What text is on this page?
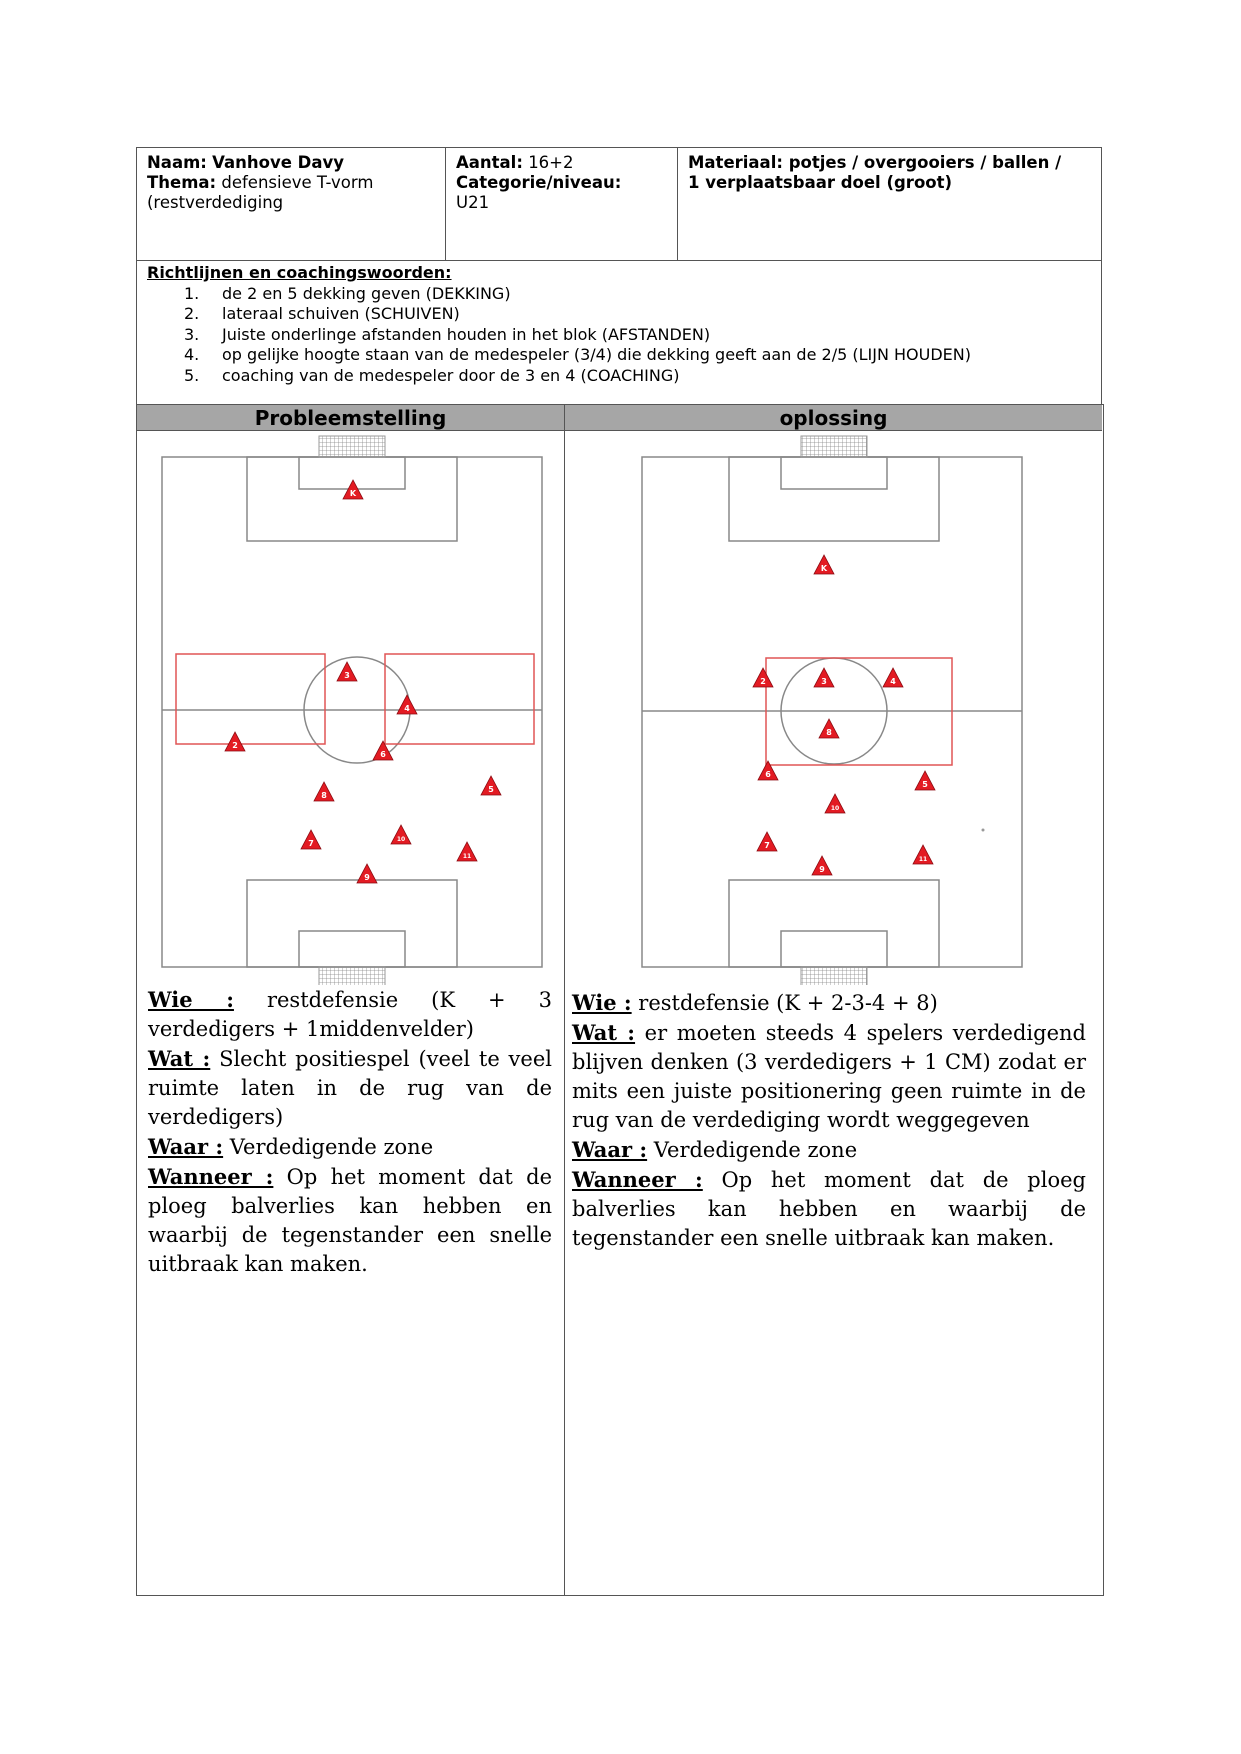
Naam: Vanhove Davy
Thema: defensieve T-vorm
(restverdediging
Aantal: 16+2
Categorie/niveau:
U21
Materiaal: potjes / overgooiers / ballen /
1 verplaatsbaar doel (groot)
Richtlijnen en coachingswoorden:
1. de 2 en 5 dekking geven (DEKKING)
2. lateraal schuiven (SCHUIVEN)
3. Juiste onderlinge afstanden houden in het blok (AFSTANDEN)
4. op gelijke hoogte staan van de medespeler (3/4) die dekking geeft aan de 2/5 (LIJN HOUDEN)
5. coaching van de medespeler door de 3 en 4 (COACHING)
Probleemstelling	oplossing
K
3
4
2
6
8
5
7	10
11
9
K
2	3	4
8
6
5
10
7
11
9

Wie : restdefensie (K + 3 verdedigers + 1middenvelder)

Wat : Slecht positiespel (veel te veel ruimte laten in de rug van de verdedigers)

Waar : Verdedigende zone

Wanneer : Op het moment dat de ploeg balverlies kan hebben en waarbij de tegenstander een snelle uitbraak kan maken.

Wie : restdefensie (K + 2-3-4 + 8)

Wat : er moeten steeds 4 spelers verdedigend blijven denken (3 verdedigers + 1 CM) zodat er mits een juiste positionering geen ruimte in de rug van de verdediging wordt weggegeven

Waar : Verdedigende zone

Wanneer : Op het moment dat de ploeg balverlies kan hebben en waarbij de tegenstander een snelle uitbraak kan maken.
